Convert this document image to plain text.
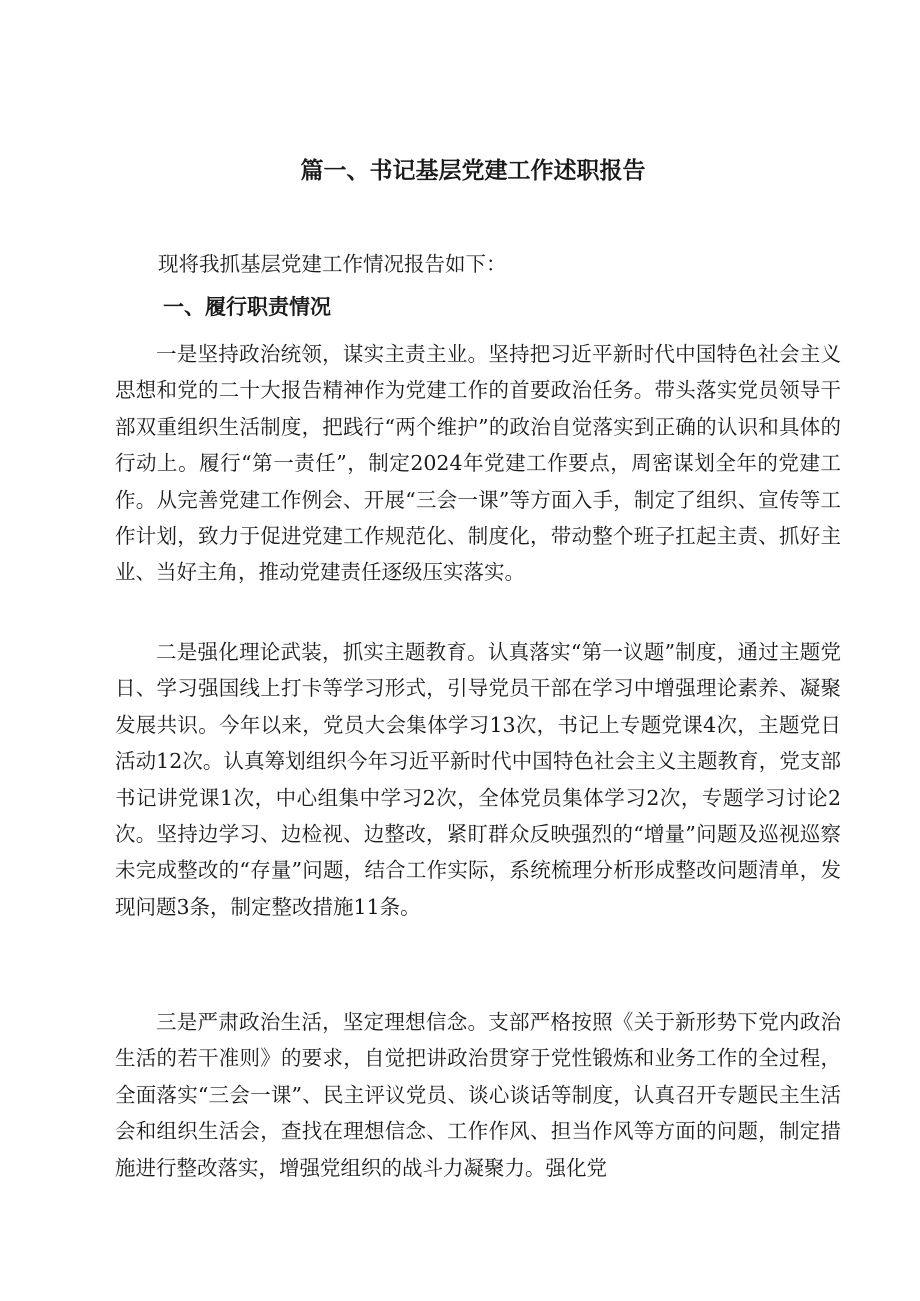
篇一、书记基层党建工作述职报告

现将我抓基层党建工作情况报告如下：

一、履行职责情况

一是坚持政治统领，谋实主责主业。坚持把习近平新时代中国特色社会主义思想和党的二十大报告精神作为党建工作的首要政治任务。带头落实党员领导干部双重组织生活制度，把践行“两个维护”的政治自觉落实到正确的认识和具体的行动上。履行“第一责任”，制定2024年党建工作要点，周密谋划全年的党建工作。从完善党建工作例会、开展“三会一课”等方面入手，制定了组织、宣传等工作计划，致力于促进党建工作规范化、制度化，带动整个班子扛起主责、抓好主业、当好主角，推动党建责任逐级压实落实。

二是强化理论武装，抓实主题教育。认真落实“第一议题”制度，通过主题党日、学习强国线上打卡等学习形式，引导党员干部在学习中增强理论素养、凝聚发展共识。今年以来，党员大会集体学习13次，书记上专题党课4次，主题党日活动12次。认真筹划组织今年习近平新时代中国特色社会主义主题教育，党支部书记讲党课1次，中心组集中学习2次，全体党员集体学习2次，专题学习讨论2次。坚持边学习、边检视、边整改，紧盯群众反映强烈的“增量”问题及巡视巡察未完成整改的“存量”问题，结合工作实际，系统梳理分析形成整改问题清单，发现问题3条，制定整改措施11条。

三是严肃政治生活，坚定理想信念。支部严格按照《关于新形势下党内政治生活的若干准则》的要求，自觉把讲政治贯穿于党性锻炼和业务工作的全过程，全面落实“三会一课”、民主评议党员、谈心谈话等制度，认真召开专题民主生活会和组织生活会，查找在理想信念、工作作风、担当作风等方面的问题，制定措施进行整改落实，增强党组织的战斗力凝聚力。强化党
